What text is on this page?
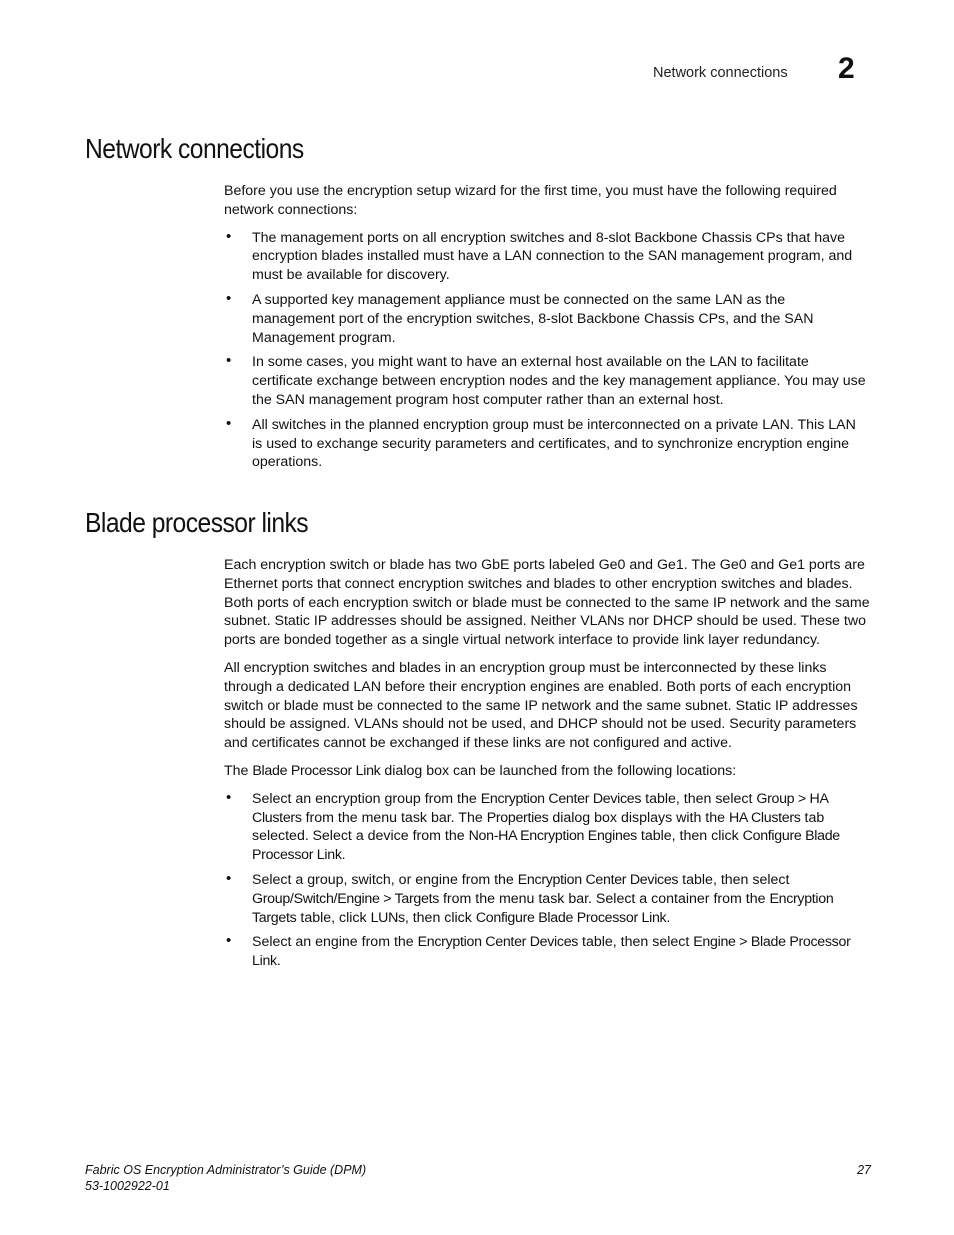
Network connections 2
Network connections

Before you use the encryption setup wizard for the first time, you must have the following required network connections:

• The management ports on all encryption switches and 8-slot Backbone Chassis CPs that have encryption blades installed must have a LAN connection to the SAN management program, and must be available for discovery.
• A supported key management appliance must be connected on the same LAN as the management port of the encryption switches, 8-slot Backbone Chassis CPs, and the SAN Management program.
• In some cases, you might want to have an external host available on the LAN to facilitate certificate exchange between encryption nodes and the key management appliance. You may use the SAN management program host computer rather than an external host.
• All switches in the planned encryption group must be interconnected on a private LAN. This LAN is used to exchange security parameters and certificates, and to synchronize encryption engine operations.
Blade processor links

Each encryption switch or blade has two GbE ports labeled Ge0 and Ge1. The Ge0 and Ge1 ports are Ethernet ports that connect encryption switches and blades to other encryption switches and blades. Both ports of each encryption switch or blade must be connected to the same IP network and the same subnet. Static IP addresses should be assigned. Neither VLANs nor DHCP should be used. These two ports are bonded together as a single virtual network interface to provide link layer redundancy.

All encryption switches and blades in an encryption group must be interconnected by these links through a dedicated LAN before their encryption engines are enabled. Both ports of each encryption switch or blade must be connected to the same IP network and the same subnet. Static IP addresses should be assigned. VLANs should not be used, and DHCP should not be used. Security parameters and certificates cannot be exchanged if these links are not configured and active.

The Blade Processor Link dialog box can be launched from the following locations:

• Select an encryption group from the Encryption Center Devices table, then select Group > HA Clusters from the menu task bar. The Properties dialog box displays with the HA Clusters tab selected. Select a device from the Non-HA Encryption Engines table, then click Configure Blade Processor Link.
• Select a group, switch, or engine from the Encryption Center Devices table, then select Group/Switch/Engine > Targets from the menu task bar. Select a container from the Encryption Targets table, click LUNs, then click Configure Blade Processor Link.
• Select an engine from the Encryption Center Devices table, then select Engine > Blade Processor Link.
Fabric OS Encryption Administrator’s Guide (DPM)
53-1002922-01
27
